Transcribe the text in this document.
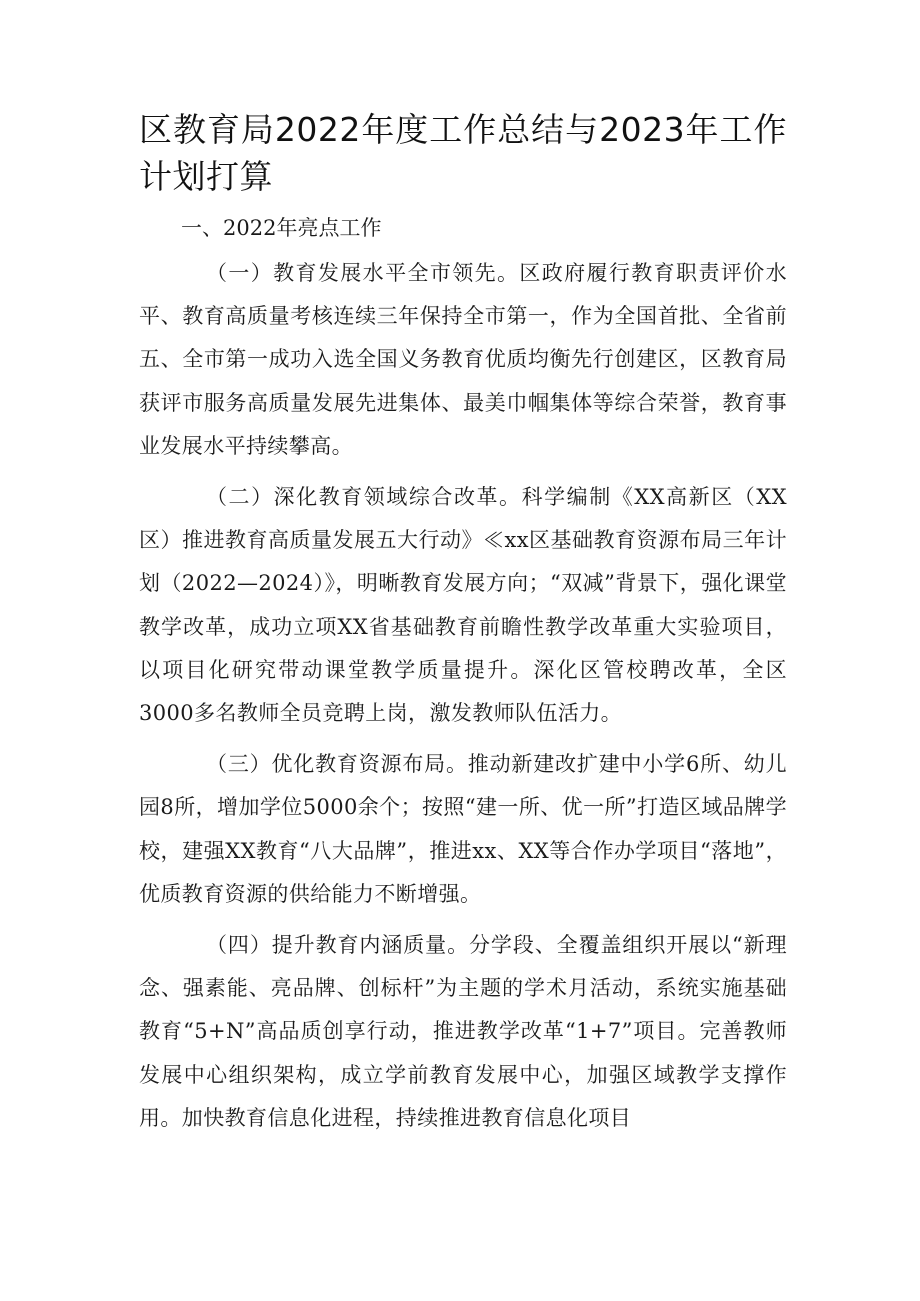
区教育局2022年度工作总结与2023年工作计划打算

一、2022年亮点工作

（一）教育发展水平全市领先。区政府履行教育职责评价水平、教育高质量考核连续三年保持全市第一，作为全国首批、全省前五、全市第一成功入选全国义务教育优质均衡先行创建区，区教育局获评市服务高质量发展先进集体、最美巾帼集体等综合荣誉，教育事业发展水平持续攀高。

（二）深化教育领域综合改革。科学编制《XX高新区（XX区）推进教育高质量发展五大行动》≪xx区基础教育资源布局三年计划（2022—2024）》，明晰教育发展方向；“双减”背景下，强化课堂教学改革，成功立项XX省基础教育前瞻性教学改革重大实验项目，以项目化研究带动课堂教学质量提升。深化区管校聘改革，全区3000多名教师全员竞聘上岗，激发教师队伍活力。

（三）优化教育资源布局。推动新建改扩建中小学6所、幼儿园8所，增加学位5000余个；按照“建一所、优一所”打造区域品牌学校，建强XX教育“八大品牌”，推进xx、XX等合作办学项目“落地”，优质教育资源的供给能力不断增强。

（四）提升教育内涵质量。分学段、全覆盖组织开展以“新理念、强素能、亮品牌、创标杆”为主题的学术月活动，系统实施基础教育“5+N”高品质创享行动，推进教学改革“1+7”项目。完善教师发展中心组织架构，成立学前教育发展中心，加强区域教学支撑作用。加快教育信息化进程，持续推进教育信息化项目
